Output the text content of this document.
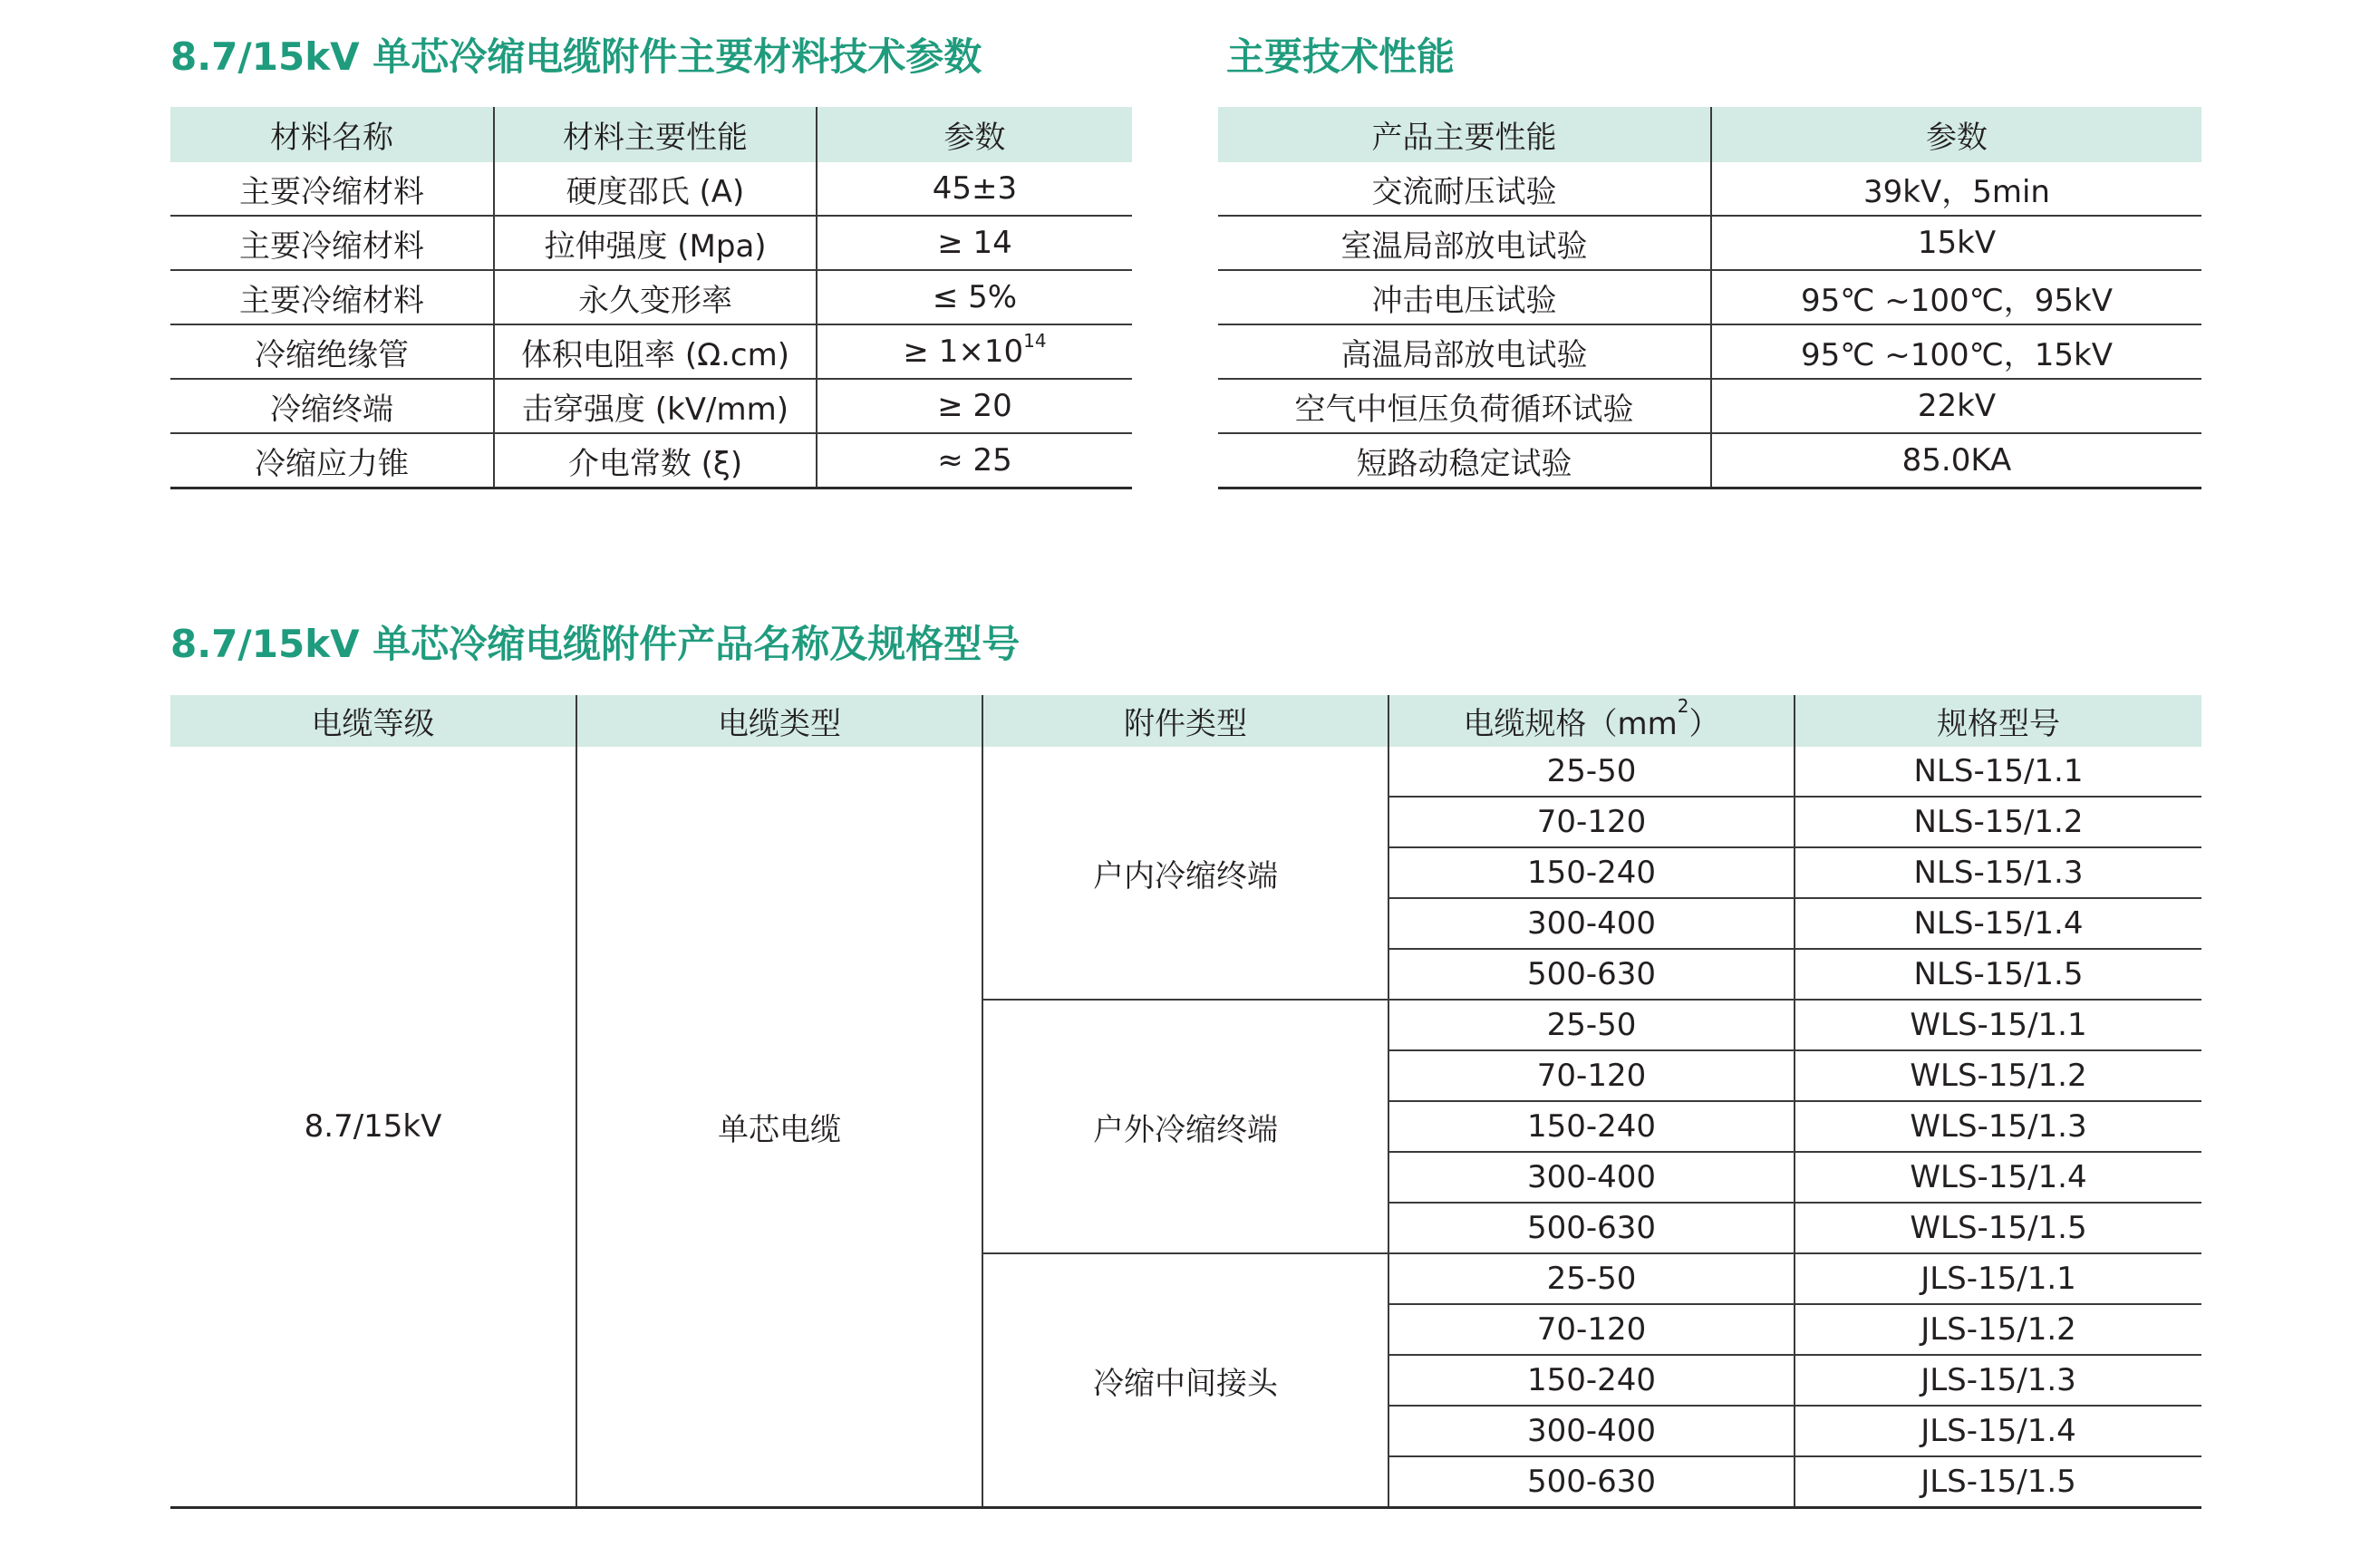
8.7/15kV 单芯冷缩电缆附件主要材料技术参数
材料名称	材料主要性能	参数
主要冷缩材料	硬度邵氏 (A)	45±3
主要冷缩材料	拉伸强度 (Mpa)	≥ 14
主要冷缩材料	永久变形率	≤ 5%
冷缩绝缘管	体积电阻率 (Ω.cm)	≥ $1\times 10^{14}$
冷缩终端	击穿强度 (kV/mm)	≥ 20
冷缩应力锥	介电常数 (ξ)	≈ 25
主要技术性能
产品主要性能	参数
交流耐压试验	39kV，5min
室温局部放电试验	15kV
冲击电压试验	95℃ ~100℃，95kV
高温局部放电试验	95℃ ~100℃，15kV
空气中恒压负荷循环试验	22kV
短路动稳定试验	85.0KA
8.7/15kV 单芯冷缩电缆附件产品名称及规格型号
电缆等级	电缆类型	附件类型	电缆规格$(mm^2)$	规格型号
8.7/15kV	单芯电缆	户内冷缩终端	25-50	NLS-15/1.1
			70-120	NLS-15/1.2
			150-240	NLS-15/1.3
			300-400	NLS-15/1.4
			500-630	NLS-15/1.5
		户外冷缩终端	25-50	WLS-15/1.1
			70-120	WLS-15/1.2
			150-240	WLS-15/1.3
			300-400	WLS-15/1.4
			500-630	WLS-15/1.5
		冷缩中间接头	25-50	JLS-15/1.1
			70-120	JLS-15/1.2
			150-240	JLS-15/1.3
			300-400	JLS-15/1.4
			500-630	JLS-15/1.5
